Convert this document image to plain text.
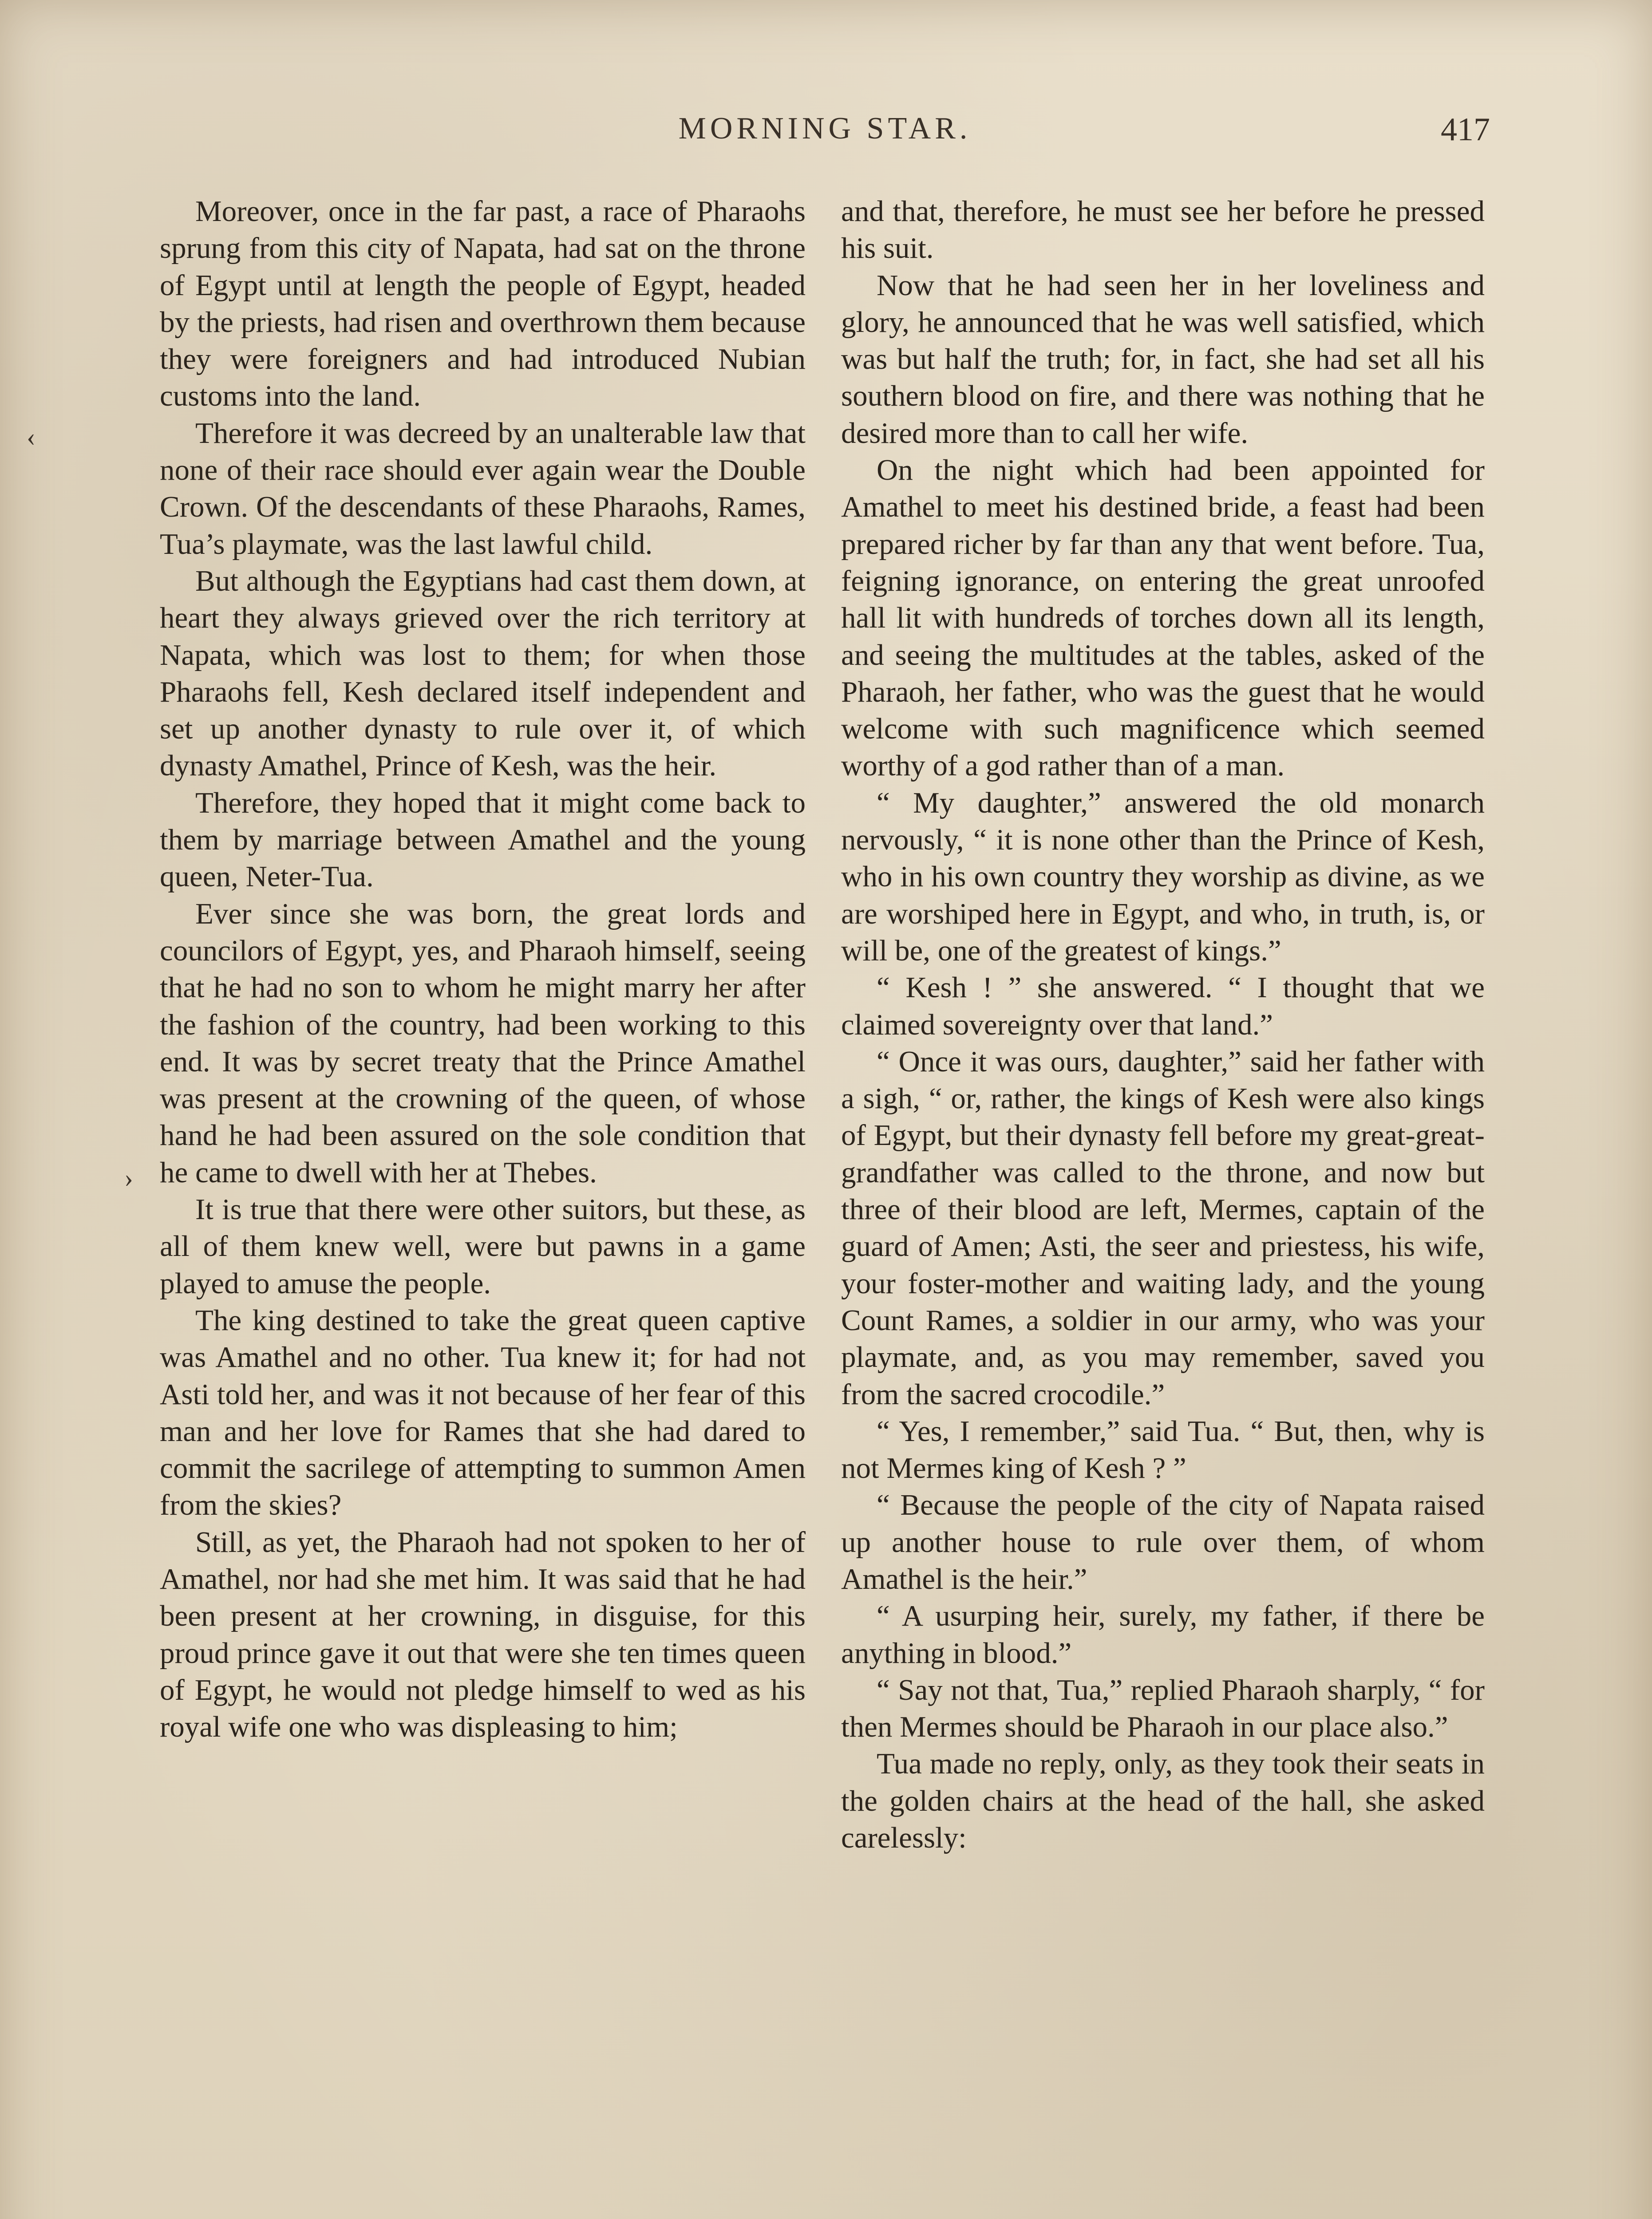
MORNING STAR.	417

Moreover, once in the far past, a race of Pharaohs sprung from this city of Napata, had sat on the throne of Egypt until at length the people of Egypt, headed by the priests, had risen and overthrown them because they were foreigners and had introduced Nubian customs into the land.

Therefore it was decreed by an unalterable law that none of their race should ever again wear the Double Crown. Of the descendants of these Pharaohs, Rames, Tua’s playmate, was the last lawful child.

But although the Egyptians had cast them down, at heart they always grieved over the rich territory at Napata, which was lost to them; for when those Pharaohs fell, Kesh declared itself independent and set up another dynasty to rule over it, of which dynasty Amathel, Prince of Kesh, was the heir.

Therefore, they hoped that it might come back to them by marriage between Amathel and the young queen, Neter-Tua.

Ever since she was born, the great lords and councilors of Egypt, yes, and Pharaoh himself, seeing that he had no son to whom he might marry her after the fashion of the country, had been working to this end. It was by secret treaty that the Prince Amathel was present at the crowning of the queen, of whose hand he had been assured on the sole condition that he came to dwell with her at Thebes.

It is true that there were other suitors, but these, as all of them knew well, were but pawns in a game played to amuse the people.

The king destined to take the great queen captive was Amathel and no other. Tua knew it; for had not Asti told her, and was it not because of her fear of this man and her love for Rames that she had dared to commit the sacrilege of attempting to summon Amen from the skies?

Still, as yet, the Pharaoh had not spoken to her of Amathel, nor had she met him. It was said that he had been present at her crowning, in disguise, for this proud prince gave it out that were she ten times queen of Egypt, he would not pledge himself to wed as his royal wife one who was displeasing to him;

and that, therefore, he must see her before he pressed his suit.

Now that he had seen her in her loveliness and glory, he announced that he was well satisfied, which was but half the truth; for, in fact, she had set all his southern blood on fire, and there was nothing that he desired more than to call her wife.

On the night which had been appointed for Amathel to meet his destined bride, a feast had been prepared richer by far than any that went before. Tua, feigning ignorance, on entering the great unroofed hall lit with hundreds of torches down all its length, and seeing the multitudes at the tables, asked of the Pharaoh, her father, who was the guest that he would welcome with such magnificence which seemed worthy of a god rather than of a man.

“ My daughter,” answered the old monarch nervously, “ it is none other than the Prince of Kesh, who in his own country they worship as divine, as we are worshiped here in Egypt, and who, in truth, is, or will be, one of the greatest of kings.”

“ Kesh ! ” she answered. “ I thought that we claimed sovereignty over that land.”

“ Once it was ours, daughter,” said her father with a sigh, “ or, rather, the kings of Kesh were also kings of Egypt, but their dynasty fell before my great-great-grandfather was called to the throne, and now but three of their blood are left, Mermes, captain of the guard of Amen; Asti, the seer and priestess, his wife, your foster-mother and waiting lady, and the young Count Rames, a soldier in our army, who was your playmate, and, as you may remember, saved you from the sacred crocodile.”

“ Yes, I remember,” said Tua. “ But, then, why is not Mermes king of Kesh ? ”

“ Because the people of the city of Napata raised up another house to rule over them, of whom Amathel is the heir.”

“ A usurping heir, surely, my father, if there be anything in blood.”

“ Say not that, Tua,” replied Pharaoh sharply, “ for then Mermes should be Pharaoh in our place also.”

Tua made no reply, only, as they took their seats in the golden chairs at the head of the hall, she asked carelessly:

‹
›
